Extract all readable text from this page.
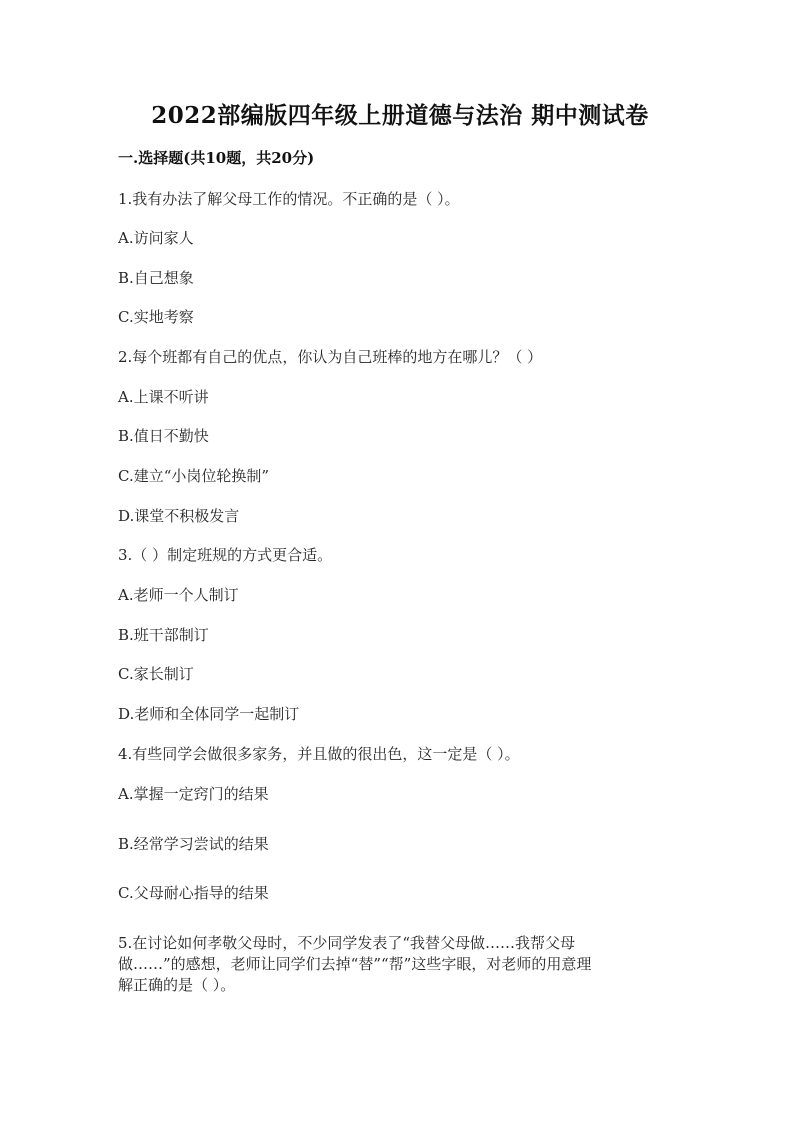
2022部编版四年级上册道德与法治 期中测试卷
一.选择题(共10题，共20分)
1.我有办法了解父母工作的情况。不正确的是（ ）。
A.访问家人
B.自己想象
C.实地考察
2.每个班都有自己的优点，你认为自己班棒的地方在哪儿？（ ）
A.上课不听讲
B.值日不勤快
C.建立“小岗位轮换制”
D.课堂不积极发言
3.（ ）制定班规的方式更合适。
A.老师一个人制订
B.班干部制订
C.家长制订
D.老师和全体同学一起制订
4.有些同学会做很多家务，并且做的很出色，这一定是（ ）。
A.掌握一定窍门的结果
B.经常学习尝试的结果
C.父母耐心指导的结果
5.在讨论如何孝敬父母时，不少同学发表了“我替父母做……我帮父母
做……”的感想，老师让同学们去掉“替”“帮”这些字眼，对老师的用意理
解正确的是（ ）。
